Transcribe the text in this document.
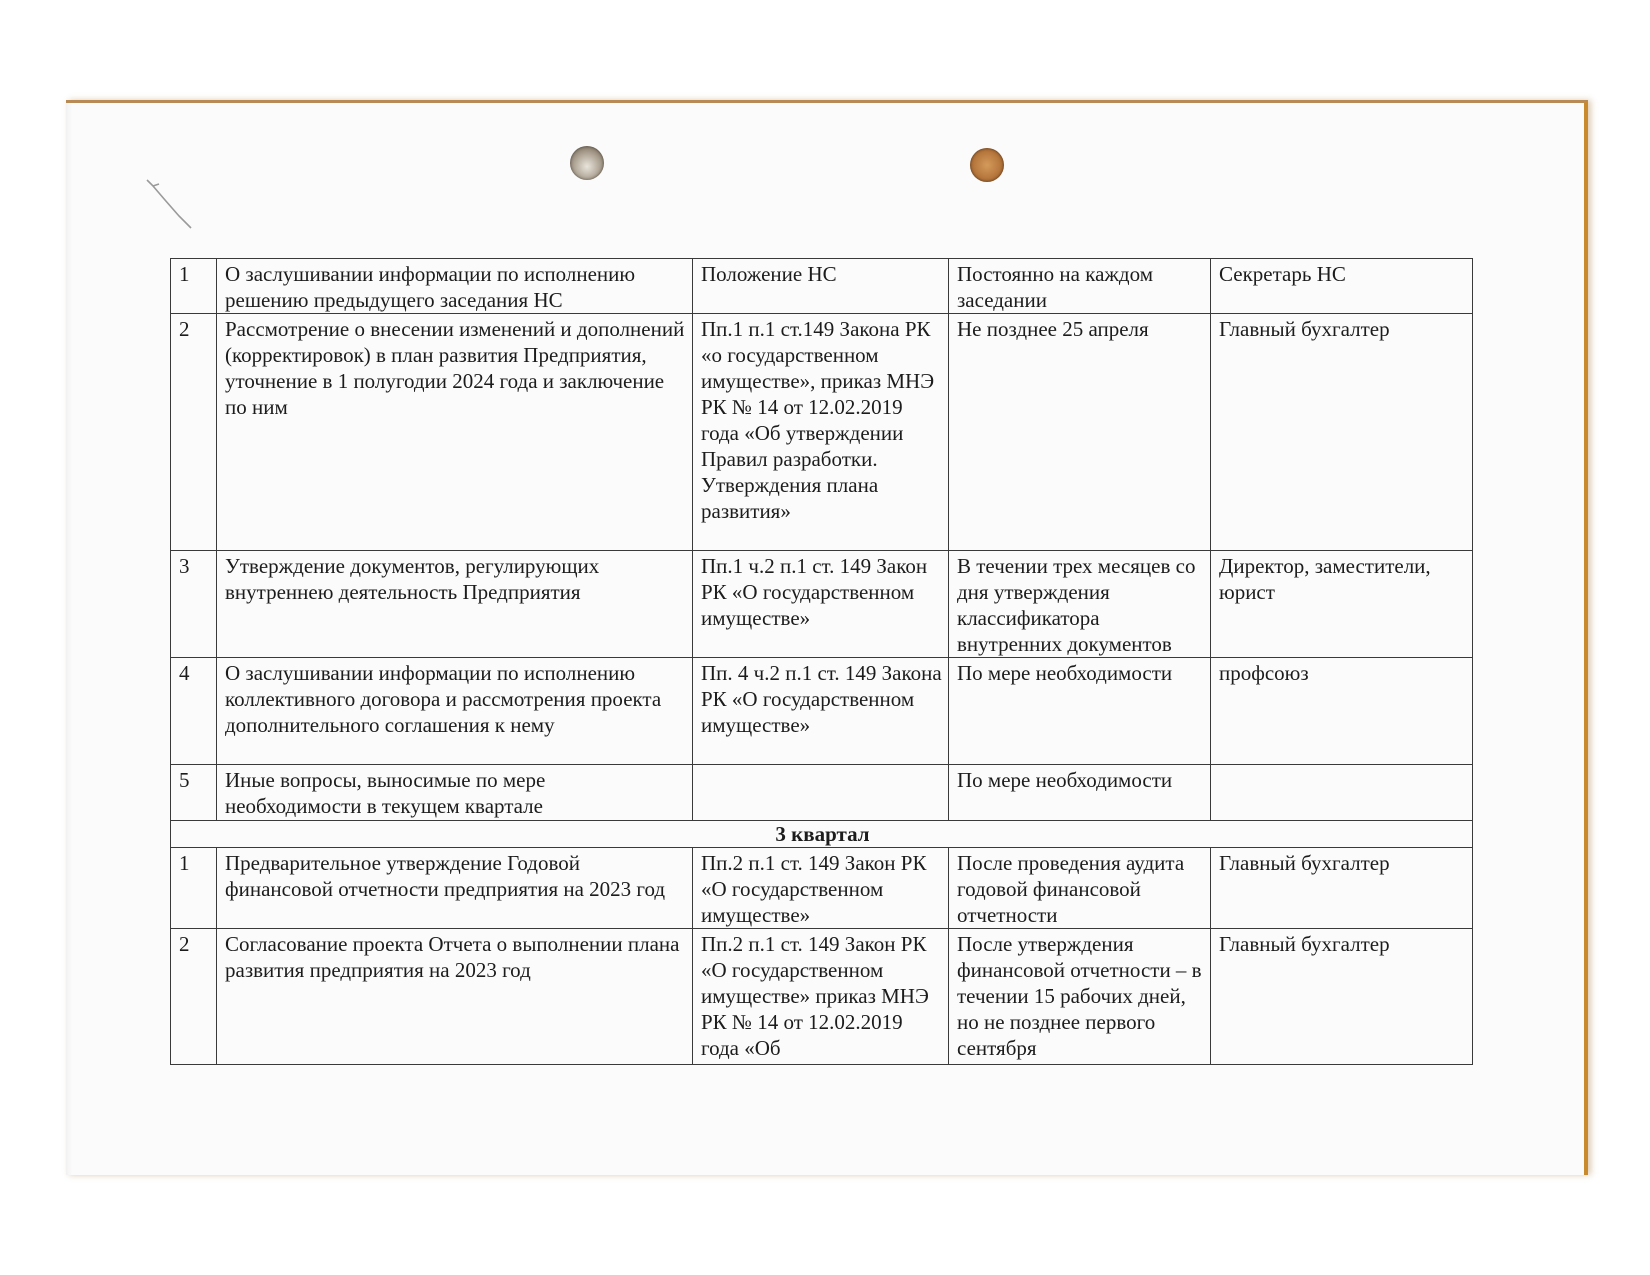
1	О заслушивании информации по исполнению решению предыдущего заседания НС	Положение НС	Постоянно на каждом заседании	Секретарь НС
2	Рассмотрение о внесении изменений и дополнений (корректировок) в план развития Предприятия, уточнение в 1 полугодии 2024 года и заключение по ним	Пп.1 п.1 ст.149 Закона РК «о государственном имуществе», приказ МНЭ РК № 14 от 12.02.2019 года «Об утверждении Правил разработки. Утверждения плана развития»	Не позднее 25 апреля	Главный бухгалтер
3	Утверждение документов, регулирующих внутреннею деятельность Предприятия	Пп.1 ч.2 п.1 ст. 149 Закон РК «О государственном имуществе»	В течении трех месяцев со дня утверждения классификатора внутренних документов	Директор, заместители, юрист
4	О заслушивании информации по исполнению коллективного договора и рассмотрения проекта дополнительного соглашения к нему	Пп. 4 ч.2 п.1 ст. 149 Закона РК «О государственном имуществе»	По мере необходимости	профсоюз
5	Иные вопросы, выносимые по мере необходимости в текущем квартале		По мере необходимости	
3 квартал				
1	Предварительное утверждение Годовой финансовой отчетности предприятия на 2023 год	Пп.2 п.1 ст. 149 Закон РК «О государственном имуществе»	После проведения аудита годовой финансовой отчетности	Главный бухгалтер
2	Согласование проекта Отчета о выполнении плана развития предприятия на 2023 год	Пп.2 п.1 ст. 149 Закон РК «О государственном имуществе» приказ МНЭ РК № 14 от 12.02.2019 года «Об	После утверждения финансовой отчетности – в течении 15 рабочих дней, но не позднее первого сентября	Главный бухгалтер
